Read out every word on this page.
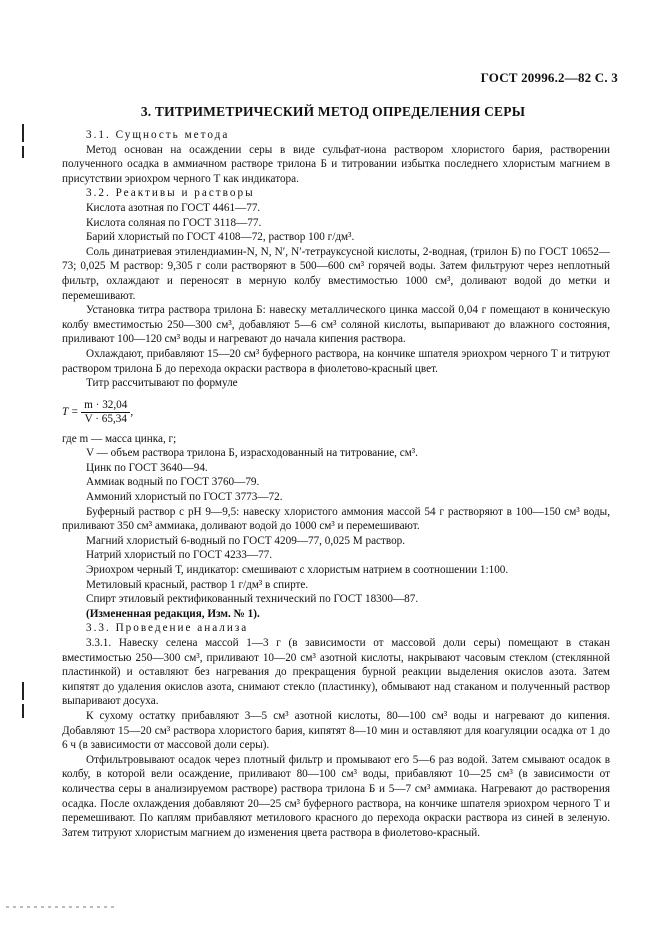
ГОСТ 20996.2—82 С. 3
3. ТИТРИМЕТРИЧЕСКИЙ МЕТОД ОПРЕДЕЛЕНИЯ СЕРЫ

3.1. Сущность метода

Метод основан на осаждении серы в виде сульфат-иона раствором хлористого бария, растворении полученного осадка в аммиачном растворе трилона Б и титровании избытка последнего хлористым магнием в присутствии эриохром черного Т как индикатора.

3.2. Реактивы и растворы

Кислота азотная по ГОСТ 4461—77.

Кислота соляная по ГОСТ 3118—77.

Барий хлористый по ГОСТ 4108—72, раствор 100 г/дм³.

Соль динатриевая этилендиамин-N, N, N′, N′-тетрауксусной кислоты, 2-водная, (трилон Б) по ГОСТ 10652—73; 0,025 М раствор: 9,305 г соли растворяют в 500—600 см³ горячей воды. Затем фильтруют через неплотный фильтр, охлаждают и переносят в мерную колбу вместимостью 1000 см³, доливают водой до метки и перемешивают.

Установка титра раствора трилона Б: навеску металлического цинка массой 0,04 г помещают в коническую колбу вместимостью 250—300 см³, добавляют 5—6 см³ соляной кислоты, выпаривают до влажного состояния, приливают 100—120 см³ воды и нагревают до начала кипения раствора.

Охлаждают, прибавляют 15—20 см³ буферного раствора, на кончике шпателя эриохром черного Т и титруют раствором трилона Б до перехода окраски раствора в фиолетово-красный цвет.

Титр рассчитывают по формуле

$T = \frac{m \cdot 32,04}{V \cdot 65,34}$ ,

где m — масса цинка, г;

V — объем раствора трилона Б, израсходованный на титрование, см³.

Цинк по ГОСТ 3640—94.

Аммиак водный по ГОСТ 3760—79.

Аммоний хлористый по ГОСТ 3773—72.

Буферный раствор с рН 9—9,5: навеску хлористого аммония массой 54 г растворяют в 100—150 см³ воды, приливают 350 см³ аммиака, доливают водой до 1000 см³ и перемешивают.

Магний хлористый 6-водный по ГОСТ 4209—77, 0,025 М раствор.

Натрий хлористый по ГОСТ 4233—77.

Эриохром черный Т, индикатор: смешивают с хлористым натрием в соотношении 1:100.

Метиловый красный, раствор 1 г/дм³ в спирте.

Спирт этиловый ректификованный технический по ГОСТ 18300—87.

(Измененная редакция, Изм. № 1).

3.3. Проведение анализа

3.3.1. Навеску селена массой 1—3 г (в зависимости от массовой доли серы) помещают в стакан вместимостью 250—300 см³, приливают 10—20 см³ азотной кислоты, накрывают часовым стеклом (стеклянной пластинкой) и оставляют без нагревания до прекращения бурной реакции выделения окислов азота. Затем кипятят до удаления окислов азота, снимают стекло (пластинку), обмывают над стаканом и полученный раствор выпаривают досуха.

К сухому остатку прибавляют 3—5 см³ азотной кислоты, 80—100 см³ воды и нагревают до кипения. Добавляют 15—20 см³ раствора хлористого бария, кипятят 8—10 мин и оставляют для коагуляции осадка от 1 до 6 ч (в зависимости от массовой доли серы).

Отфильтровывают осадок через плотный фильтр и промывают его 5—6 раз водой. Затем смывают осадок в колбу, в которой вели осаждение, приливают 80—100 см³ воды, прибавляют 10—25 см³ (в зависимости от количества серы в анализируемом растворе) раствора трилона Б и 5—7 см³ аммиака. Нагревают до растворения осадка. После охлаждения добавляют 20—25 см³ буферного раствора, на кончике шпателя эриохром черного Т и перемешивают. По каплям прибавляют метилового красного до перехода окраски раствора из синей в зеленую. Затем титруют хлористым магнием до изменения цвета раствора в фиолетово-красный.
